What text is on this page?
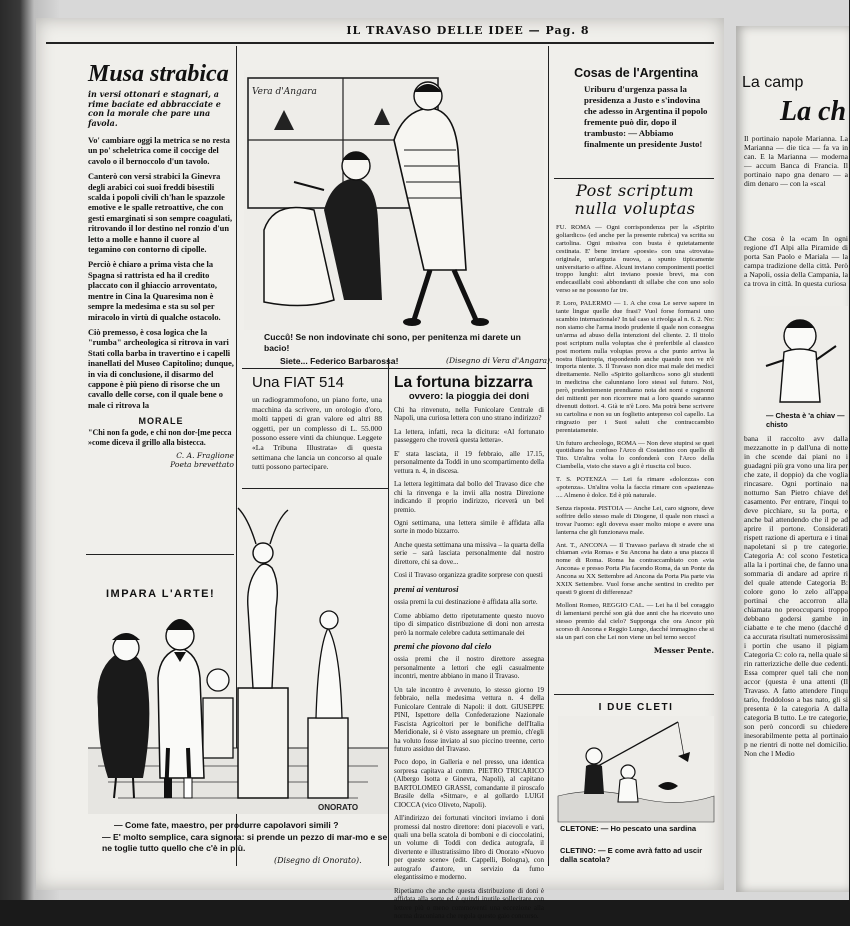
IL TRAVASO DELLE IDEE — Pag. 8
Musa strabica
in versi ottonari e stagnari, a rime baciate ed abbracciate e con la morale che pare una favola.

Vo' cambiare oggi la metrica se no resta un po' scheletrica come il coccige del cavolo o il bernoccolo d'un tavolo.

Canterò con versi strabici la Ginevra degli arabici coi suoi freddi bisestili scalda i popoli civili ch'han le spazzole emotive e le spalle retroattive, che con gesti emarginati si son sempre coagulati, ritrovando il lor destino nel ronzio d'un letto a molle e hanno il cuore al tegamino con contorno di cipolle.

Perciò è chiaro a prima vista che la Spagna si rattrista ed ha il credito placcato con il ghiaccio arroventato, mentre in Cina la Quaresima non è sempre la medesima e sta su sol per miracolo in virtù di qualche ostacolo.

Ciò premesso, è cosa logica che la "rumba" archeologica si ritrova in vari Stati colla barba in travertino e i capelli inanellati del Museo Capitolino; dunque, in via di conclusione, il disarmo del cappone è più pieno di risorse che un cavallo delle corse, con il quale bene o male ci ritrova la

MORALE
"Chi non fa gode, e chi non dor-[me pecca »come diceva il grillo alla bistecca.
C. A. Fraglione
Poeta brevettato
IMPARA L'ARTE!
ONORATO
— Come fate, maestro, per produrre capolavori simili ?
— E' molto semplice, cara signora: si prende un pezzo di mar-mo e se ne toglie tutto quello che c'è in più.
(Disegno di Onorato).
Vera d'Angara
Cucců! Se non indovinate chi sono, per penitenza mi darete un bacio!
Siete... Federico Barbarossa!	(Disegno di Vera d'Angara).
Una FIAT 514
un radiogrammofono, un piano forte, una macchina da scrivere, un orologio d'oro, molti tappeti di gran valore ed altri 88 oggetti, per un complesso di L. 55.000 possono essere vinti da chiunque. Leggete «La Tribuna Illustrata» di questa settimana che lancia un concorso al quale tutti possono partecipare.
La fortuna bizzarra
ovvero: la pioggia dei doni

Chi ha rinvenuto, nella Funicolare Centrale di Napoli, una curiosa lettera con uno strano indirizzo?

La lettera, infatti, reca la dicitura: «Al fortunato passeggero che troverà questa lettera».

E' stata lasciata, il 19 febbraio, alle 17.15, personalmente da Toddi in uno scompartimento della vettura n. 4, in discesa.

La lettera legittimata dal bollo del Travaso dice che chi la rinvenga e la invii alla nostra Direzione indicando il proprio indirizzo, riceverà un bel premio.

Ogni settimana, una lettera simile è affidata alla sorte in modo bizzarro.

Anche questa settimana una missiva – la quarta della serie – sarà lasciata personalmente dal nostro direttore, chi sa dove...

Così il Travaso organizza gradite sorprese con questi

premi ai venturosi

ossia premi la cui destinazione è affidata alla sorte.

Come abbiamo detto ripetutamente questo nuovo tipo di simpatico distribuzione di doni non arresta però la normale celebre caduta settimanale dei

premi che piovono dal cielo

ossia premi che il nostro direttore assegna personalmente a lettori che egli casualmente incontri, mentre abbiano in mano il Travaso.

Un tale incontro è avvenuto, lo stesso giorno 19 febbraio, nella medesima vettura n. 4 della Funicolare Centrale di Napoli: il dott. GIUSEPPE PINI, Ispettore della Confederazione Nazionale Fascista Agricoltori per le bonifiche dell'Italia Meridionale, si è visto assegnare un premio, ch'egli ha voluto fosse inviato al suo piccino treenne, certo futuro assiduo del Travaso.

Poco dopo, in Galleria e nel presso, una identica sorpresa capitava al comm. PIETRO TRICARICO (Albergo Isotta e Ginevra, Napoli), al capitano BARTOLOMEO GRASSI, comandante il piroscafo Brasile della «Sitmar», e al gollardo LUIGI CIOCCA (vico Oliveto, Napoli).

All'indirizzo dei fortunati vincitori inviamo i doni promessi dal nostro direttore: doni piacevoli e vari, quali una bella scatola di bomboni e di cioccolatini, un volume di Toddi con dedica autografa, il divertente e illustratissimo libro di Onorato «Nuovo per queste scene» (edit. Cappelli, Bologna), con autografo d'autore, un servizio da fumo elegantissimo e moderno.

Ripetiamo che anche questa distribuzione di doni è affidata alla sorte ed è quindi inutile sollecitare con lettere più o meno commoventi una eccezione alla norma draconiana che regola questo gaio concorso.

Cosas de l'Argentina
Uriburu d'urgenza passa la presidenza a Justo e s'indovina che adesso in Argentina il popolo fremente può dir, dopo il trambusto: — Abbiamo finalmente un presidente Justo!
Post scriptum
nulla voluptas

FU. ROMA — Ogni corrispondenza per la «Spirito goliardico» (ed anche per la presente rubrica) va scritta su cartolina. Ogni missiva con busta è quietatamente cestinata. E' bene inviare «poesie» con una «trovata» originale, un'arguzia nuova, a spunto tipicamente universitario o affine. Alcuni inviano componimenti poetici troppo lunghi: altri inviano poesie brevi, ma con endecasillabi così abbondanti di sillabe che con uno solo verso se ne possono far tre.

P. Loro, PALERMO — 1. A che cosa Le serve sapere in tante lingue quelle due frasi? Vuol forse formarsi uno scambio internazionale? In tal caso si rivolga al n. 6. 2. No: non siamo che l'arma inodo prudente il quale non consegna un'arma ad abuso della intenzioni del cliente. 2. Il titolo post scriptum nulla voluptas che è preferibile al classico post mortem nulla voluptas prova a che punto arriva la nostra filantropia, rispondendo anche quando non ve n'è importa niente. 3. Il Travaso non dice mai male dei medici direttamente. Nello «Spirito goliardico» sono gli studenti in medicina che calunniano loro stessi sul futuro. Noi, però, prudentemente prendiamo nota dei nomi e cognomi dei mittenti per non ricorrere mai a loro quando saranno divenuti dottori. 4. Già te n'è Loro. Ma potrà bene scrivere su cartolina e non su un foglietto antepreso col capello. La ringrazio per i Suoi saluti che contraccambio perentatamente.

Un futuro archeologo, ROMA — Non deve stupirsi se quei quotidiano ha confuso l'Arco di Costantino con quello di Tito. Un'altra volta lo confonderà con l'Arco della Ciambella, visto che stavo a gli è riuscita col buco.

T. S. POTENZA — Lei fa rimare «dolcezza» con «potenza». Un'altra volta la faccia rimare con «pazienza» .... Almeno è dolce. Ed è più naturale.

Senza risposta. PISTOIA — Anche Lei, caro signore, deve soffrire dello stesso male di Diogene, il quale non riuscì a trovar l'uomo: egli doveva esser molto miope e avere una lanterna che gli funzionava male.

Ant. T., ANCONA — Il Travaso parlava di strade che si chiaman «via Roma» e Su Ancona ha dato a una piazza il nome di Roma. Roma ha contraccambiato con «via Ancona» e presso Porta Pia facendo Roma, da un Ponte da Ancona su XX Settembre ad Ancona da Porta Pia parte via XXIX Settembre. Vuol forse anche sentirsi in credito per questi 9 giorni di differenza?

Molloni Romeo, REGGIO CAL. — Lei ha il bel coraggio di lamentarsi perché son già due anni che ha ricevuto uno stesso premio dal cielo? Supponga che ora Ancor più scorso di Ancona e Reggio Lungo, dacché immagino che si sia un pari con che Lei non viene un bel terno secco!

Messer Pente.
I DUE CLETI
CLETONE: — Ho pescato una sardina
CLETINO: — E come avrà fatto ad uscir dalla scatola?
La camp
La ch
Il portinaio napole Marianna. La Marianna — die tica — fa va in can. E la Marianna — moderna — accum Banca di Francia. Il portinaio napo gna denaro — a dim denaro — con la «scal
Che cosa è la «cam In ogni regione d'I Alpi alla Piramide di porta San Paolo e Mariala — la campa tradizione della città. Però a Napoli, ossia della Campania, la ca trova in città. In questa curiosa
— Chesta è 'a chiav — chisto
bana il raccolto avv dalla mezzanotte in p dall'una di notte in che scende dai piani no i guadagni più gra vono una lira per che zate, il doppio) da che voglia rincasare. Ogni portinaio na notturno San Pietro chiave del casamento. Per entrare, l'inqui to deve picchiare, su la porta, e anche bal attendendo che il pe ad aprire il portone. Considerati rispett razione di apertura e i tinai napoletani si p tre categorie. Categoria A: col scono l'estetica alla la i portinai che, de fanno una sommaria di andare ad aprire ri del quale attende Categoria B: colore gono lo zelo all'appa portinai che accorron alla chiamata no preoccuparsi troppo debbano godersi gambe in ciabatte e te che meno (dacché d ca accurata risultati numerosissimi i portin che usano il pigiam Categoria C: colo ra, nella quale si rin ratterizziche delle due cedenti. Essa comprer quel tali che non accor (questa è una attenti (Il Travaso. A fatto attendere l'inqu tario, freddoloso a bas nato, gli si presenta è la categoria A dalla categoria B tutto. Le tre categorie, son però concordi su chiedere inesorabilmente petta al portinaio p ne rientri di notte nel domicilio. Non che l Medio
